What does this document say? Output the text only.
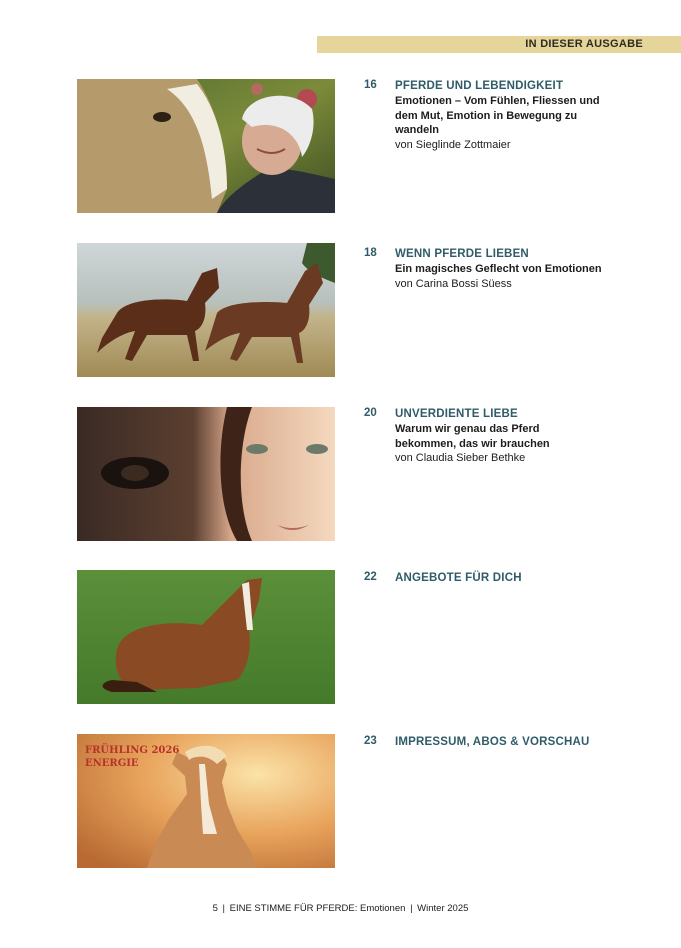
IN DIESER AUSGABE
16 PFERDE UND LEBENDIGKEIT
Emotionen – Vom Fühlen, Fliessen und dem Mut, Emotion in Bewegung zu wandeln
von Sieglinde Zottmaier
18 WENN PFERDE LIEBEN
Ein magisches Geflecht von Emotionen
von Carina Bossi Süess
20 UNVERDIENTE LIEBE
Warum wir genau das Pferd bekommen, das wir brauchen
von Claudia Sieber Bethke
22 ANGEBOTE FÜR DICH
FRÜHLING 2026
ENERGIE
23 IMPRESSUM, ABOS & VORSCHAU
5 | EINE STIMME FÜR PFERDE: Emotionen | Winter 2025
